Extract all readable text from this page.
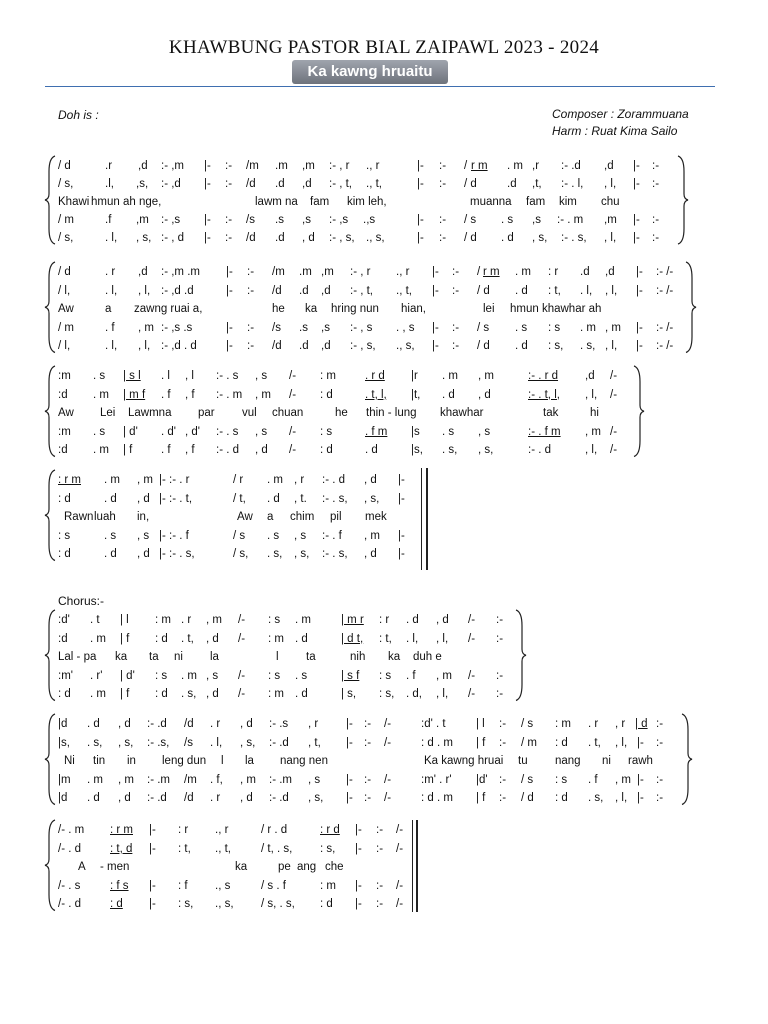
KHAWBUNG PASTOR BIAL ZAIPAWL 2023 - 2024
Ka kawng hruaitu
Doh is :	Composer : Zorammuana
Harm : Ruat Kima Sailo
Chorus:-
/ d	.r ,d :- ,m |- :- /m .m ,m :- , r ., r	|- :- / r m . m ,r :- .d ,d |- :-
/ s,	.l, ,s, :- ,d |- :- /d .d ,d :- , t, ., t,	|- :- / d	.d ,t, :- . l, , l, |- :-
Khawi hmun ah nge,	lawm na fam kim leh,	muanna fam kim chu
/ m	.f ,m :- ,s |- :- /s .s ,s :- ,s .,s	|- :- / s . s ,s :- . m ,m |- :-
/ s,	. l, , s, :- , d |- :- /d .d , d :- , s, ., s,	|- :- / d . d , s, :- . s, , l, |- :-
/ d	. r ,d :- ,m .m |- :- /m .m ,m :- , r ., r |- :- / r m . m : r .d ,d |- :- /-
/ l,	. l, , l, :- ,d .d	|- :- /d .d ,d :- , t, ., t, |- :- / d . d : t, . l, , l, |- :- /-
Aw	a zawng ruai a,	he ka hring nun hian,	lei hmun khawhar ah
/ m	. f , m :- ,s .s	|- :- /s .s ,s :- , s . , s |- :- / s . s : s . m , m |- :- /-
/ l,	. l, , l, :- ,d . d	|- :- /d .d ,d :- , s, ., s, |- :- / d . d : s, . s, , l, |- :- /-
:m . s | s l . l , l :- . s , s /- : m	. r d |r . m , m	:- . r d ,d /-
:d . m | m f . f , f :- . m , m /- : d	. t, l, |t, . d , d	:- . t, l, , l, /-
Aw Lei Lawmna par vul chuan	he thin - lung khawhar	tak	hi
:m . s | d' . d' , d' :- . s , s /- : s	. f m |s . s , s	:- . f m , m /-
:d . m | f . f , f :- . d , d /- : d	. d	|s, . s, , s,	:- . d	, l, /-
: r m . m , m |- :- . r	/ r . m , r :- . d , d |-
: d	. d , d |- :- . t,	/ t, . d , t. :- . s, , s, |-
Rawn luah in,	Aw a chim pil mek
: s	. s , s |- :- . f	/ s . s , s :- . f , m |-
: d	. d , d |- :- . s,	/ s, . s, , s, :- . s, , d |-
:d' . t | l : m . r , m /- : s . m	| m r : r . d , d /- :-
:d . m | f : d . t, , d /- : m . d	| d t, : t, . l, , l, /- :-
Lal - pa ka ta ni la	l ta	nih ka duh e
:m' . r' | d' : s . m , s /- : s . s	| s f : s . f , m /- :-
: d . m | f : d . s, , d /- : m . d	| s, : s, . d, , l, /- :-
|d . d , d :- .d /d . r , d :- .s , r |- :- /-	:d' . t	| l :- / s : m . r , r | d :-
|s, . s, , s, :- .s, /s . l, , s, :- .d , t, |- :- /-	: d . m | f :- / m : d . t, , l, |- :-
Ni tin in leng dun l la nang nen	Ka kawng hruai tu nang ni rawh
|m . m , m :- .m /m . f, , m :- .m , s |- :- /-	:m' . r' |d' :- / s : s . f , m |- :-
|d . d , d :- .d /d . r , d :- .d , s, |- :- /-	: d . m | f :- / d : d . s, , l, |- :-
/- . m : r m |- : r ., r	/ r . d	: r d |- :- /-
/- . d	: t, d |- : t, ., t,	/ t, . s, : s, |- :- /-
A - men	ka	pe ang che
/- . s	: f s |- : f ., s	/ s . f	: m |- :- /-
/- . d	: d |- : s, ., s, / s, . s, : d |- :- /-
